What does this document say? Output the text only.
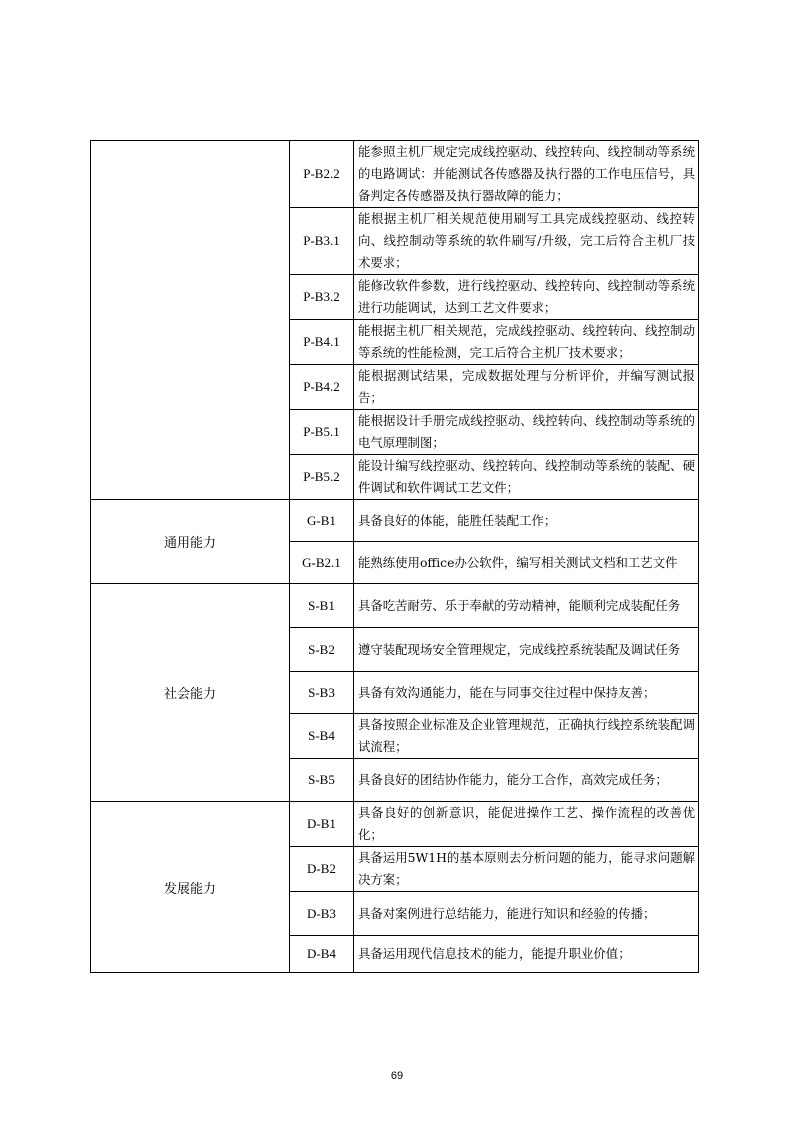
	P-B2.2	能参照主机厂规定完成线控驱动、线控转向、线控制动等系统的电路调试：并能测试各传感器及执行器的工作电压信号，具备判定各传感器及执行器故障的能力；
	P-B3.1	能根据主机厂相关规范使用刷写工具完成线控驱动、线控转向、线控制动等系统的软件刷写/升级，完工后符合主机厂技术要求；
	P-B3.2	能修改软件参数，进行线控驱动、线控转向、线控制动等系统进行功能调试，达到工艺文件要求；
	P-B4.1	能根据主机厂相关规范，完成线控驱动、线控转向、线控制动等系统的性能检测，完工后符合主机厂技术要求；
	P-B4.2	能根据测试结果，完成数据处理与分析评价，并编写测试报告；
	P-B5.1	能根据设计手册完成线控驱动、线控转向、线控制动等系统的电气原理制图；
	P-B5.2	能设计编写线控驱动、线控转向、线控制动等系统的装配、硬件调试和软件调试工艺文件；
通用能力	G-B1	具备良好的体能，能胜任装配工作；
	G-B2.1	能熟练使用office办公软件，编写相关测试文档和工艺文件
社会能力	S-B1	具备吃苦耐劳、乐于奉献的劳动精神，能顺利完成装配任务
	S-B2	遵守装配现场安全管理规定，完成线控系统装配及调试任务
	S-B3	具备有效沟通能力，能在与同事交往过程中保持友善；
	S-B4	具备按照企业标准及企业管理规范，正确执行线控系统装配调试流程；
	S-B5	具备良好的团结协作能力，能分工合作，高效完成任务；
发展能力	D-B1	具备良好的创新意识，能促进操作工艺、操作流程的改善优化；
	D-B2	具备运用5W1H的基本原则去分析问题的能力，能寻求问题解决方案；
	D-B3	具备对案例进行总结能力，能进行知识和经验的传播；
	D-B4	具备运用现代信息技术的能力，能提升职业价值；
69
